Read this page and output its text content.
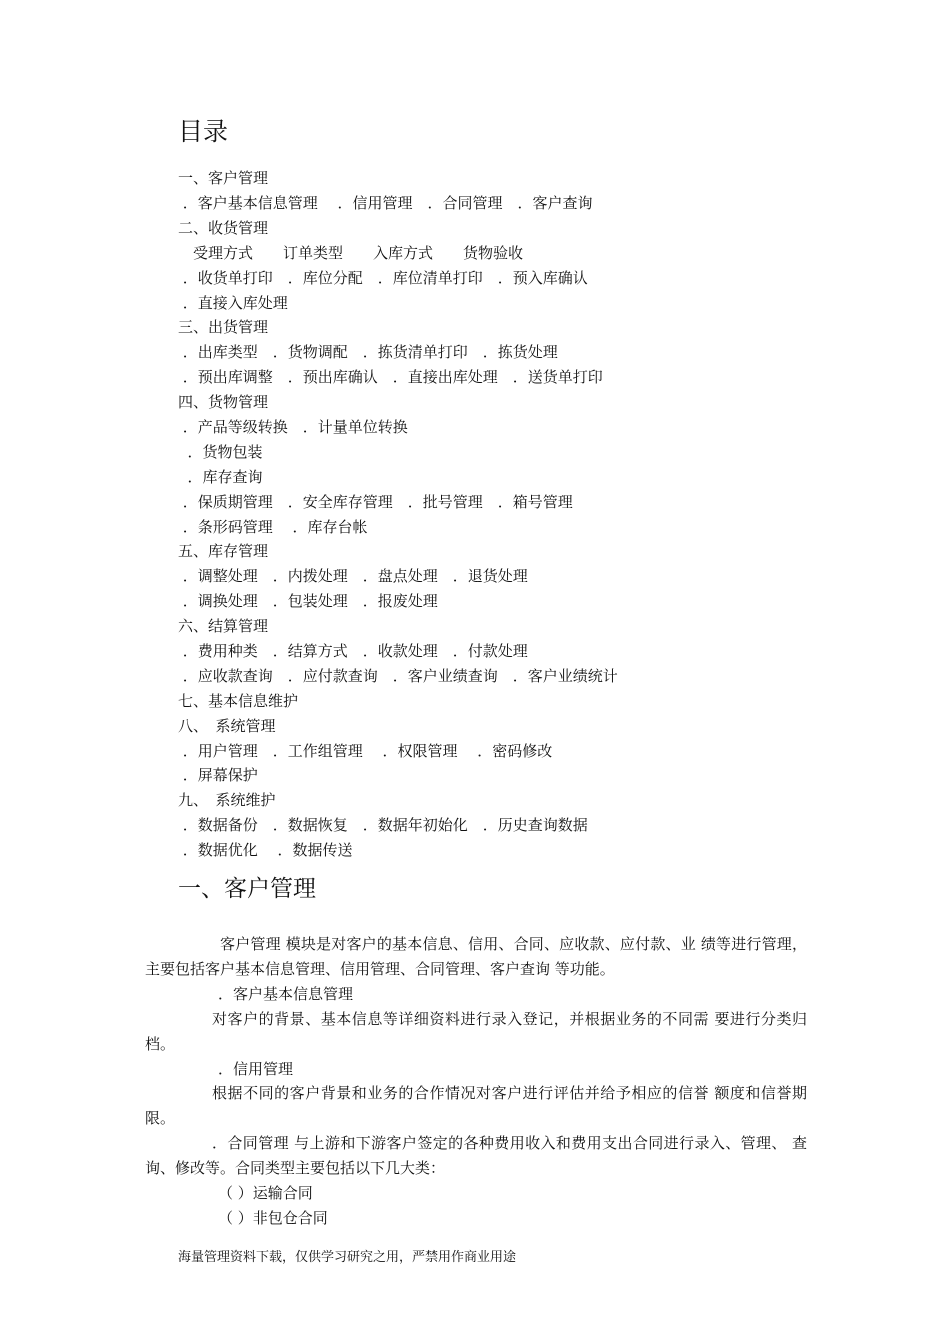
目录
一、客户管理
．客户基本信息管理　 ．信用管理　．合同管理　．客户查询
二、收货管理
　受理方式　　订单类型　　入库方式　　货物验收
．收货单打印　．库位分配　．库位清单打印　．预入库确认
．直接入库处理
三、出货管理
．出库类型　．货物调配　．拣货清单打印　．拣货处理
．预出库调整　．预出库确认　．直接出库处理　．送货单打印
四、货物管理
．产品等级转换　．计量单位转换
．货物包装
．库存查询
．保质期管理　．安全库存管理　．批号管理　．箱号管理
．条形码管理　 ．库存台帐
五、库存管理
．调整处理　．内拨处理　．盘点处理　．退货处理
．调换处理　．包装处理　．报废处理
六、结算管理
．费用种类　．结算方式　．收款处理　．付款处理
．应收款查询　．应付款查询　．客户业绩查询　．客户业绩统计
七、基本信息维护
八、　系统管理
．用户管理　．工作组管理　 ．权限管理　 ．密码修改
．屏幕保护
九、　系统维护
．数据备份　．数据恢复　．数据年初始化　．历史查询数据
．数据优化　 ．数据传送
一、客户管理

客户管理 模块是对客户的基本信息、信用、合同、应收款、应付款、业 绩等进行管理，主要包括客户基本信息管理、信用管理、合同管理、客户查询 等功能。

．客户基本信息管理

对客户的背景、基本信息等详细资料进行录入登记，并根据业务的不同需 要进行分类归档。

．信用管理

根据不同的客户背景和业务的合作情况对客户进行评估并给予相应的信誉 额度和信誉期限。

．合同管理 与上游和下游客户签定的各种费用收入和费用支出合同进行录入、管理、 查询、修改等。合同类型主要包括以下几大类：

（ ）运输合同
（ ）非包仓合同
海量管理资料下载，仅供学习研究之用，严禁用作商业用途
